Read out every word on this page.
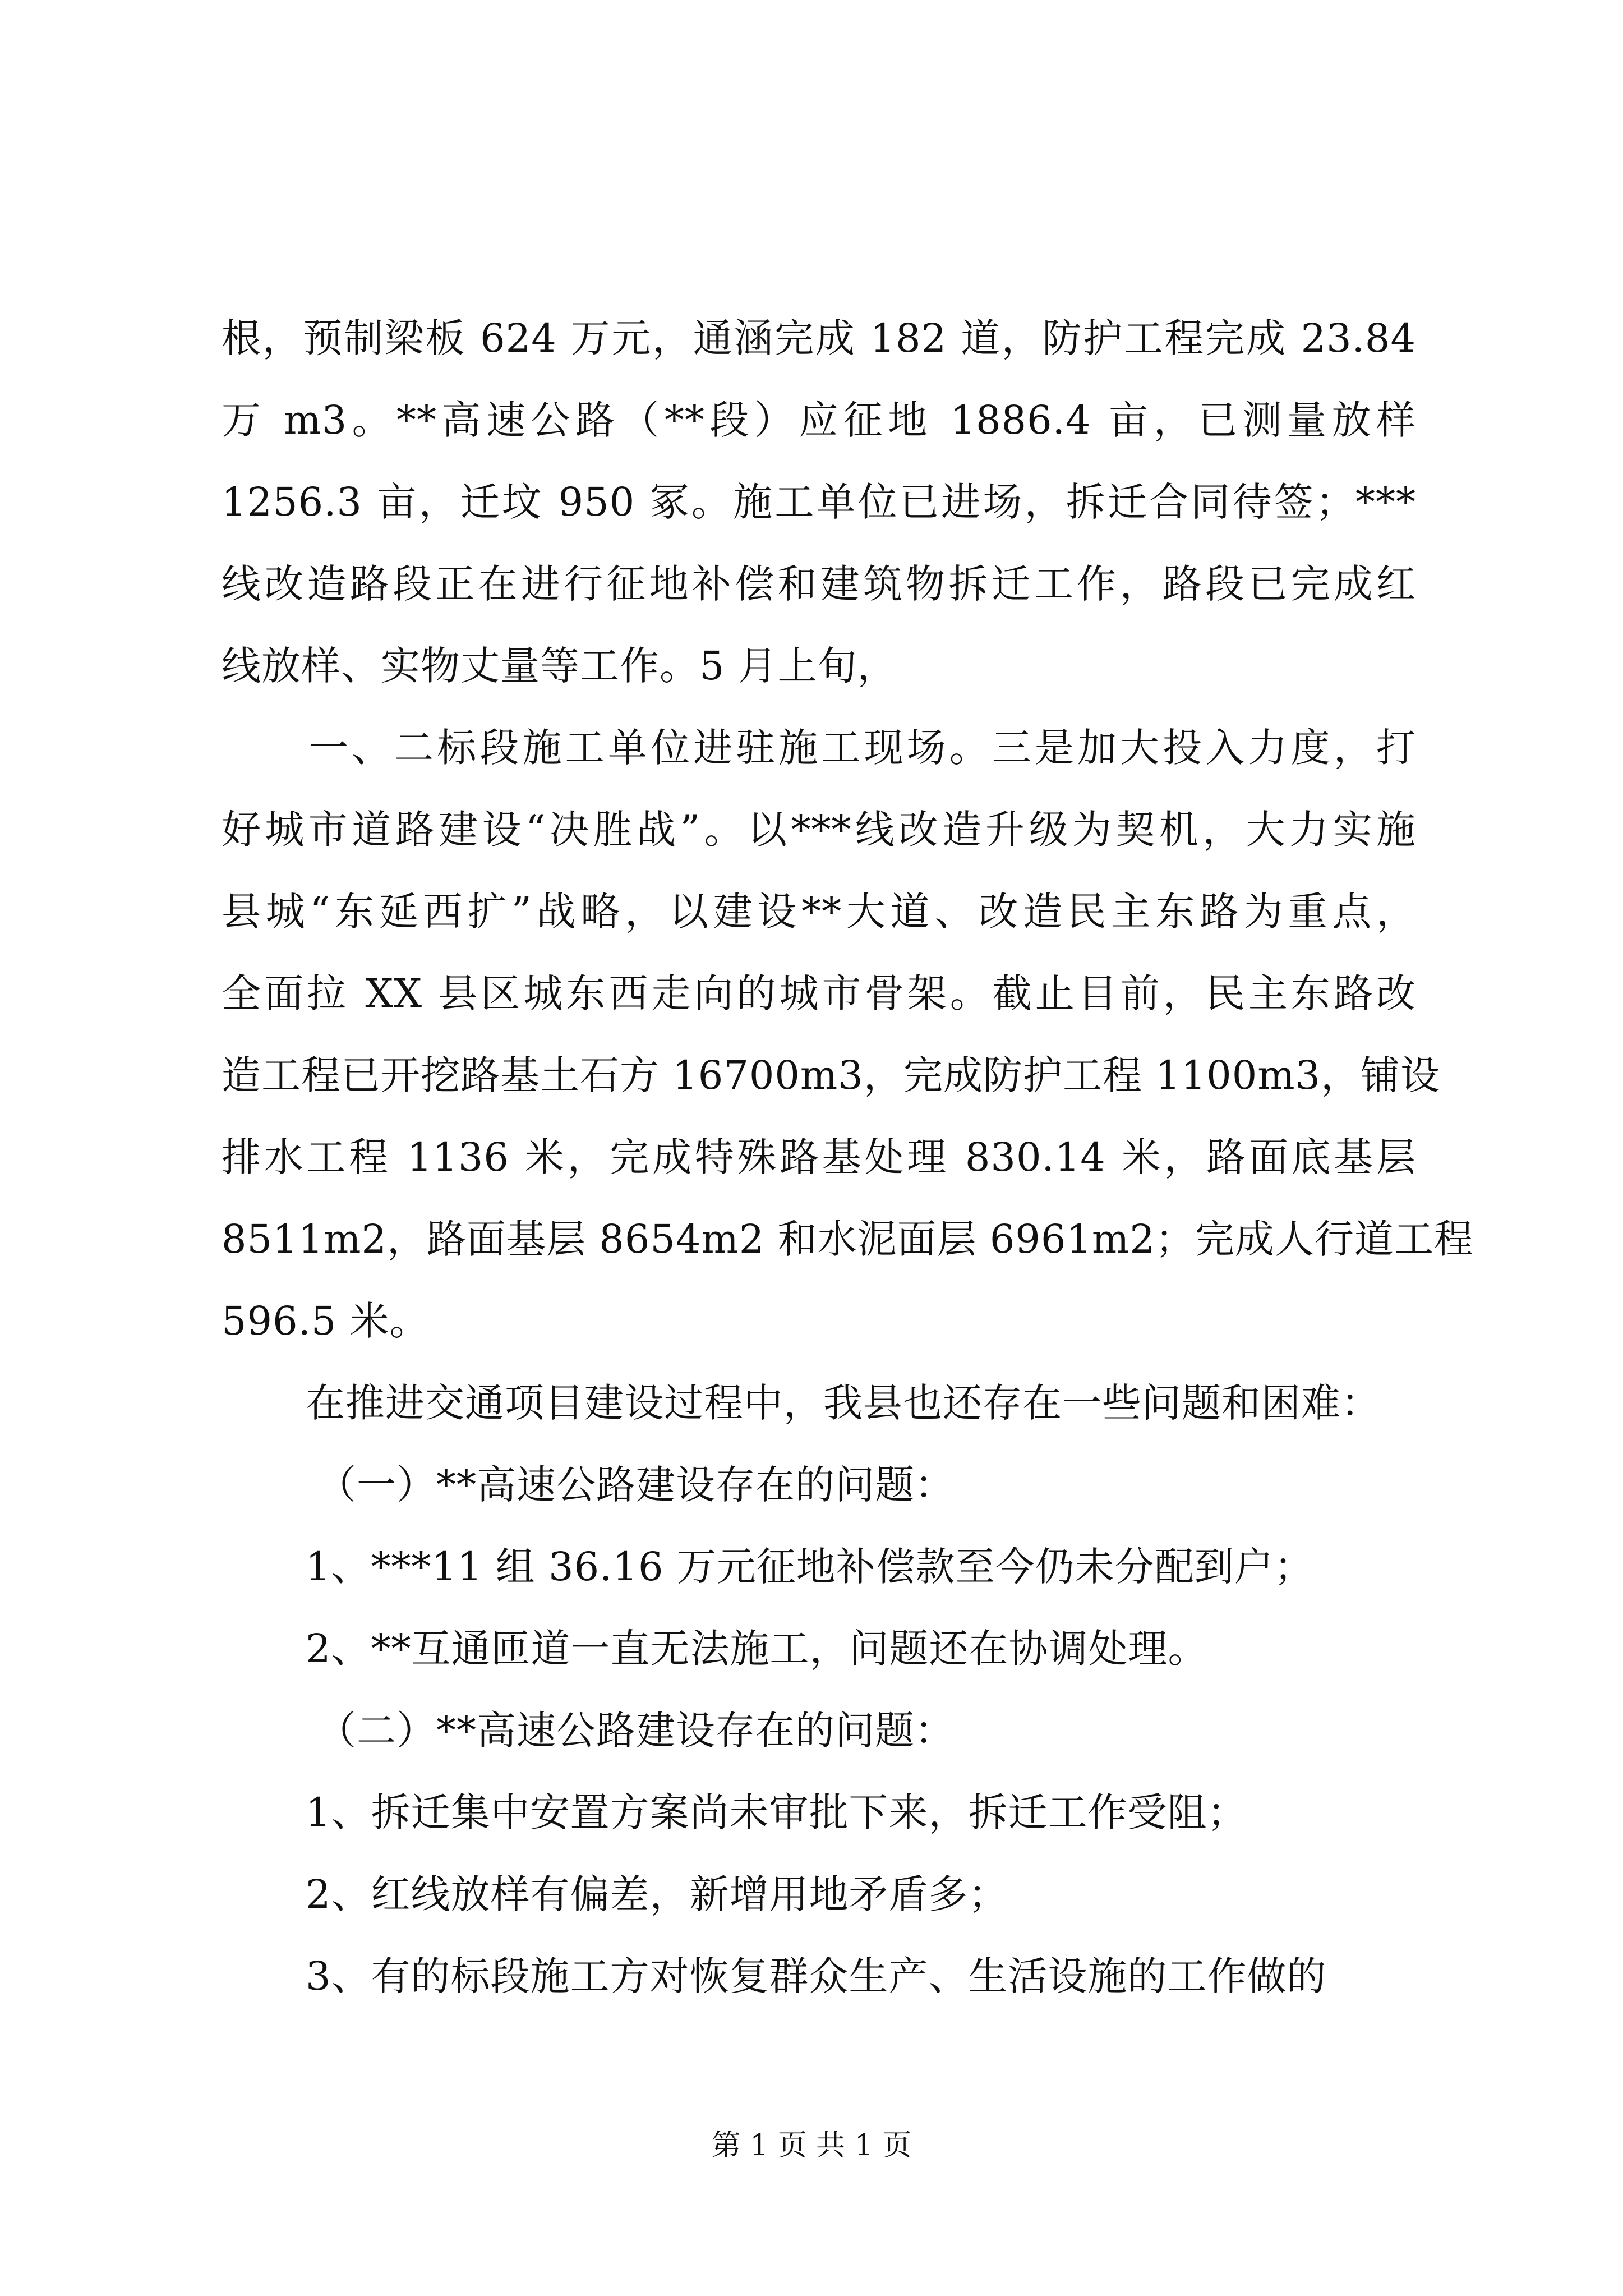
根，预制梁板 624 万元，通涵完成 182 道，防护工程完成 23.84
万 m3。**高速公路（**段）应征地 1886.4 亩，已测量放样
1256.3 亩，迁坟 950 冢。施工单位已进场，拆迁合同待签；***
线改造路段正在进行征地补偿和建筑物拆迁工作，路段已完成红
线放样、实物丈量等工作。5 月上旬，
一、二标段施工单位进驻施工现场。三是加大投入力度，打
好城市道路建设“决胜战”。以***线改造升级为契机，大力实施
县城“东延西扩”战略，以建设**大道、改造民主东路为重点，
全面拉 XX 县区城东西走向的城市骨架。截止目前，民主东路改
造工程已开挖路基土石方 16700m3，完成防护工程 1100m3，铺设
排水工程 1136 米，完成特殊路基处理 830.14 米，路面底基层
8511m2，路面基层 8654m2 和水泥面层 6961m2；完成人行道工程
596.5 米。
在推进交通项目建设过程中，我县也还存在一些问题和困难：
（一）**高速公路建设存在的问题：
1、***11 组 36.16 万元征地补偿款至今仍未分配到户；
2、**互通匝道一直无法施工，问题还在协调处理。
（二）**高速公路建设存在的问题：
1、拆迁集中安置方案尚未审批下来，拆迁工作受阻；
2、红线放样有偏差，新增用地矛盾多；
3、有的标段施工方对恢复群众生产、生活设施的工作做的
第 1 页 共 1 页
